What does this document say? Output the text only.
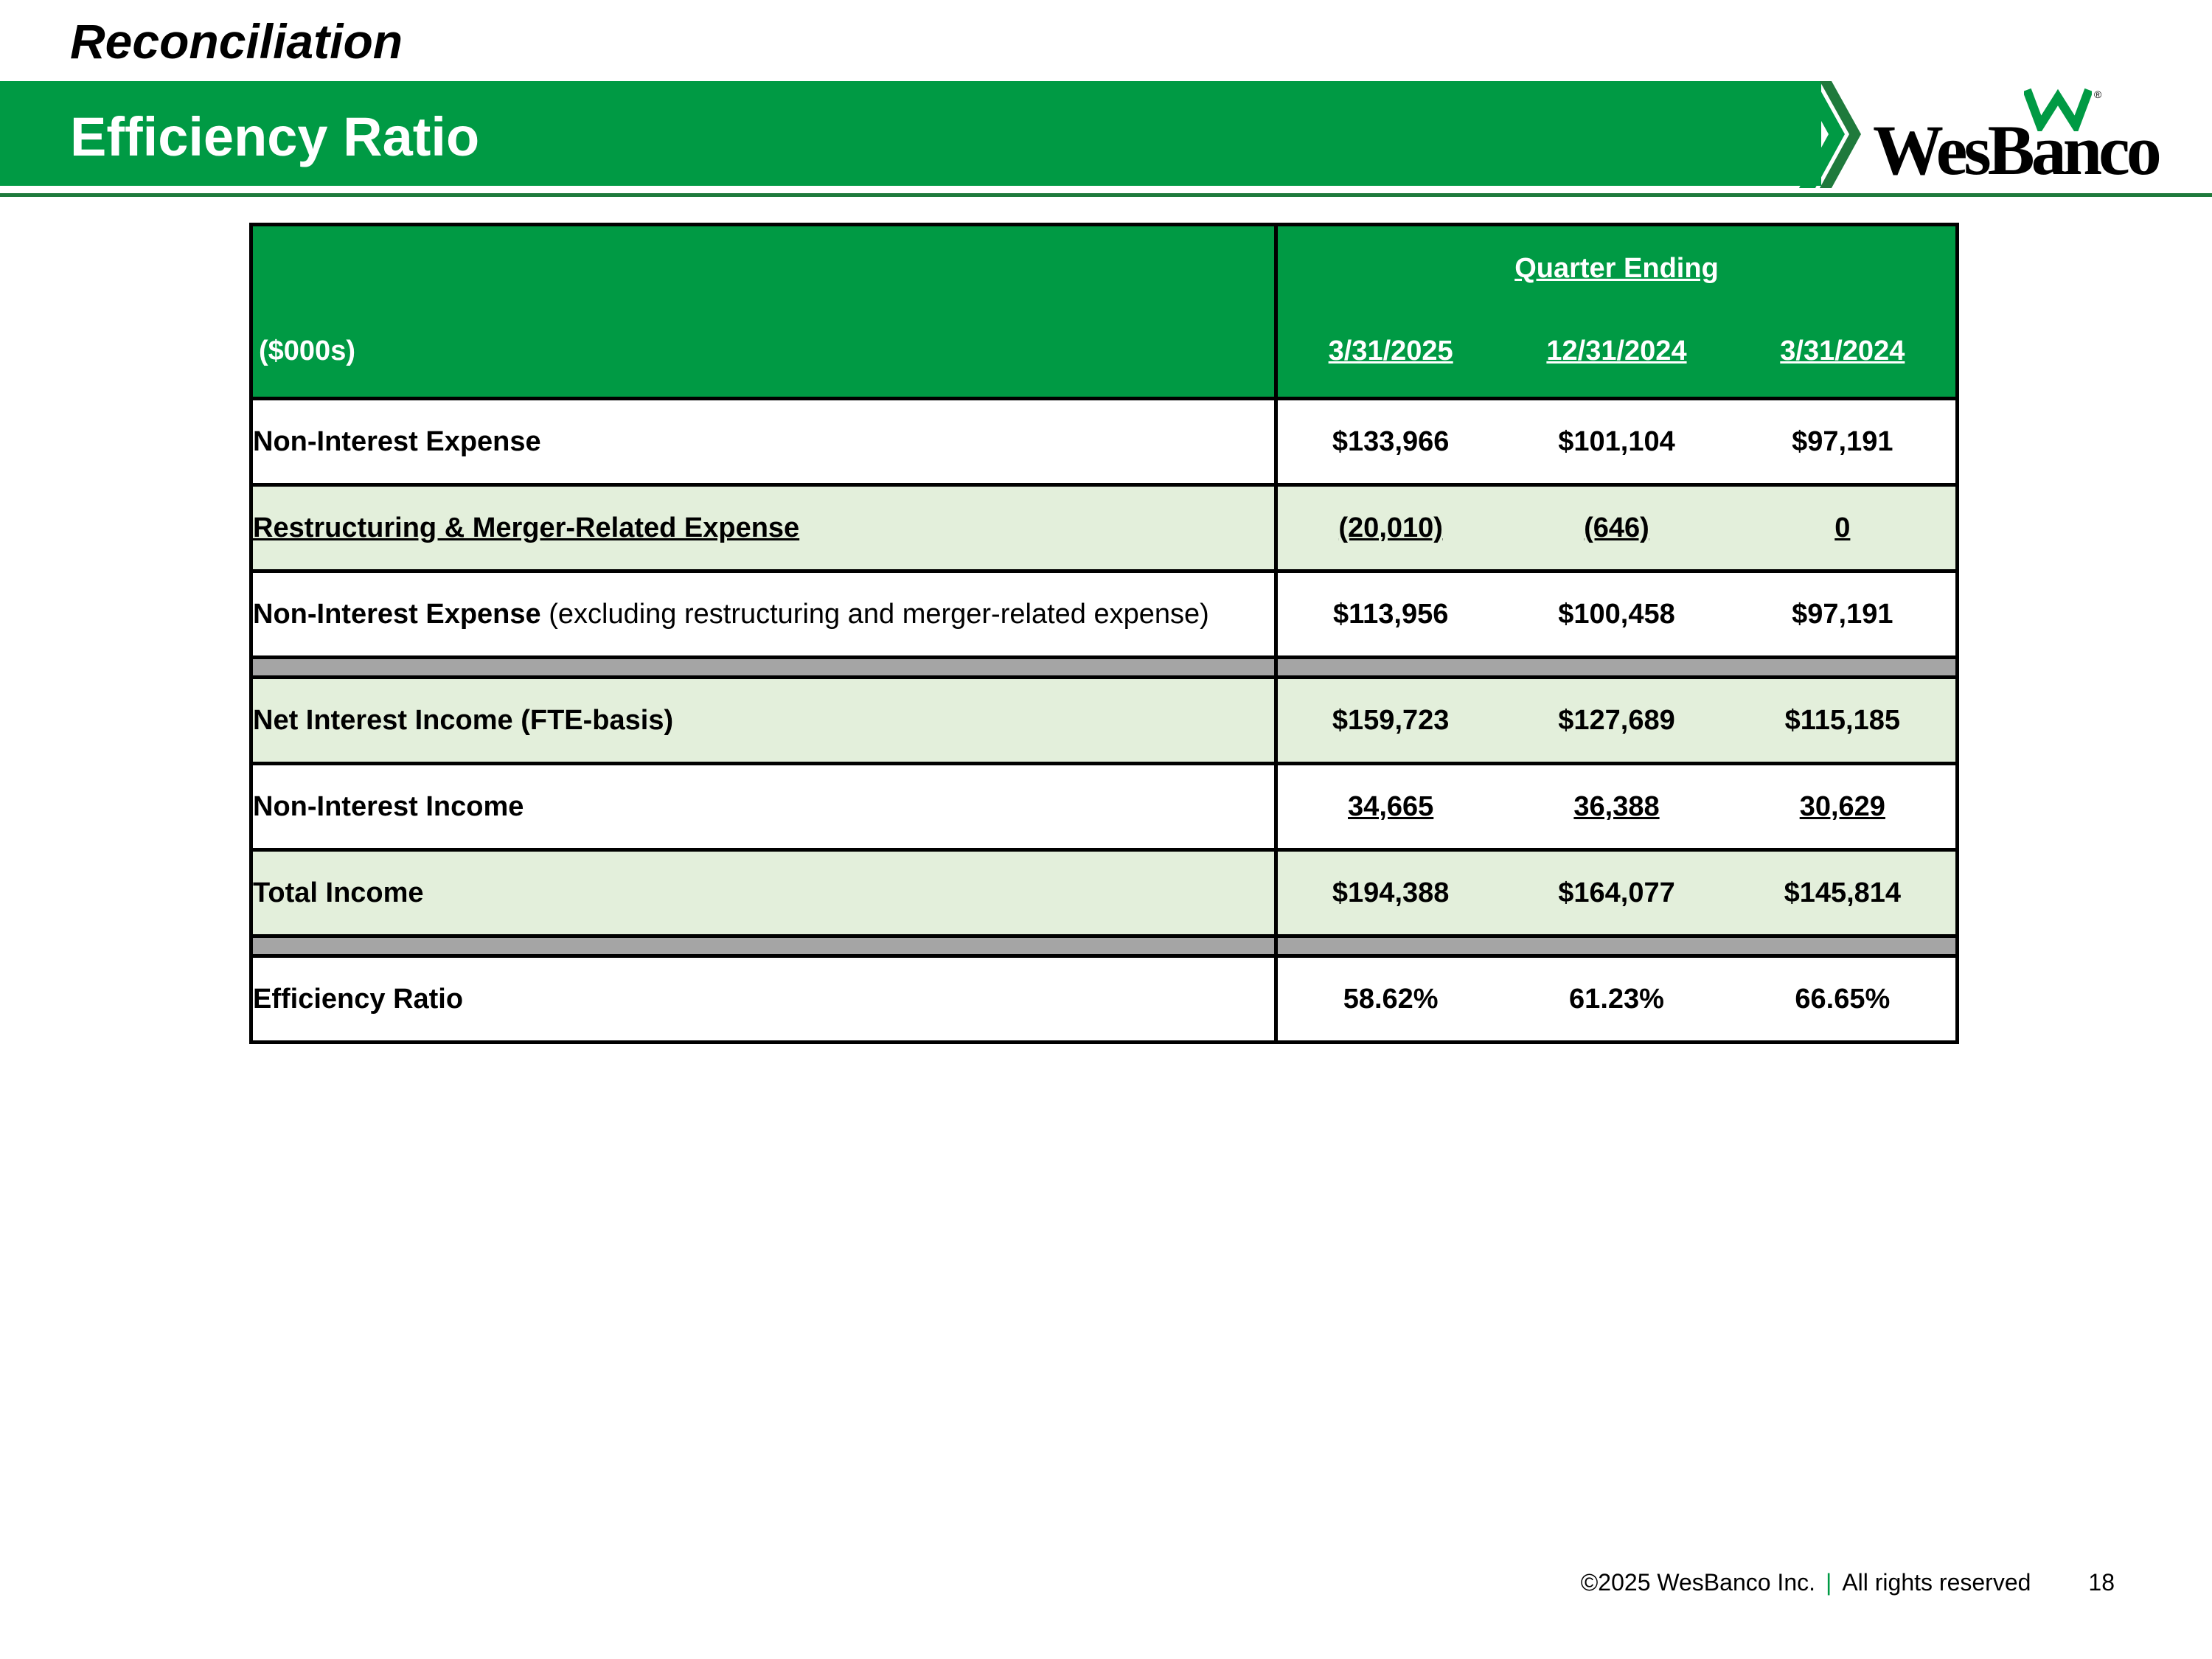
Reconciliation
Efficiency Ratio
®
WesBanco
($000s)	Quarter Ending
3/31/2025 12/31/2024 3/31/2024

Non-Interest Expense	$133,966 $101,104 $97,191

Restructuring & Merger-Related Expense	(20,010) (646) 0

Non-Interest Expense (excluding restructuring and merger-related expense)	$113,956 $100,458 $97,191

Net Interest Income (FTE-basis)	$159,723 $127,689 $115,185

Non-Interest Income	34,665 36,388 30,629

Total Income	$194,388 $164,077 $145,814

Efficiency Ratio	58.62% 61.23% 66.65%
©2025 WesBanco Inc. | All rights reserved 18
